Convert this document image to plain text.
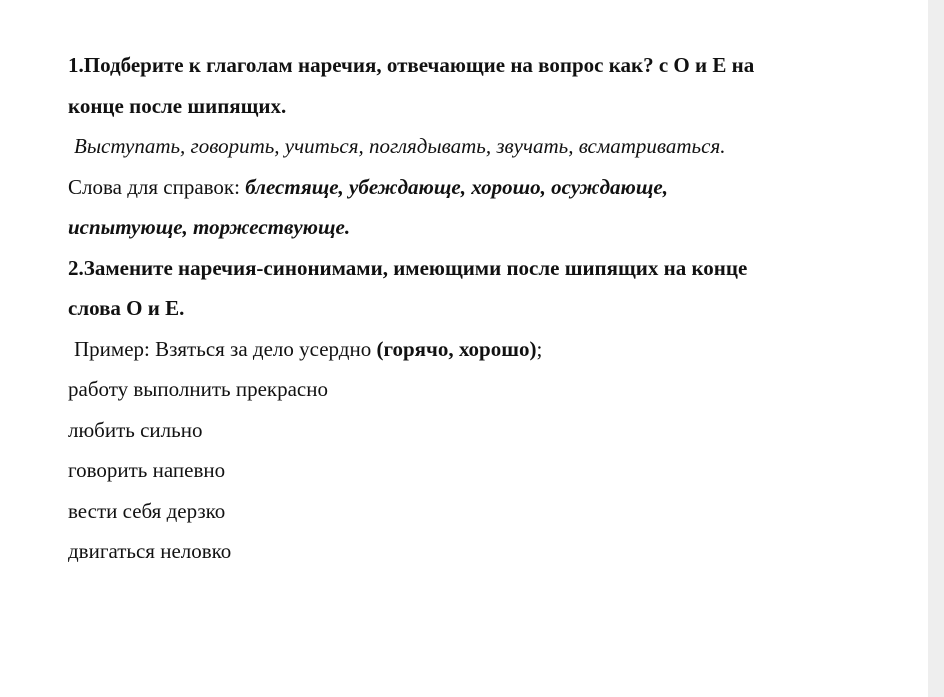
1.Подберите к глаголам наречия, отвечающие на вопрос как? с О и Е на
конце после шипящих.
Выступать, говорить, учиться, поглядывать, звучать, всматриваться.
Слова для справок: блестяще, убеждающе, хорошо, осуждающе,
испытующе, торжествующе.
2.Замените наречия-синонимами, имеющими после шипящих на конце
слова О и Е.
Пример: Взяться за дело усердно (горячо, хорошо);
работу выполнить прекрасно
любить сильно
говорить напевно
вести себя дерзко
двигаться неловко
